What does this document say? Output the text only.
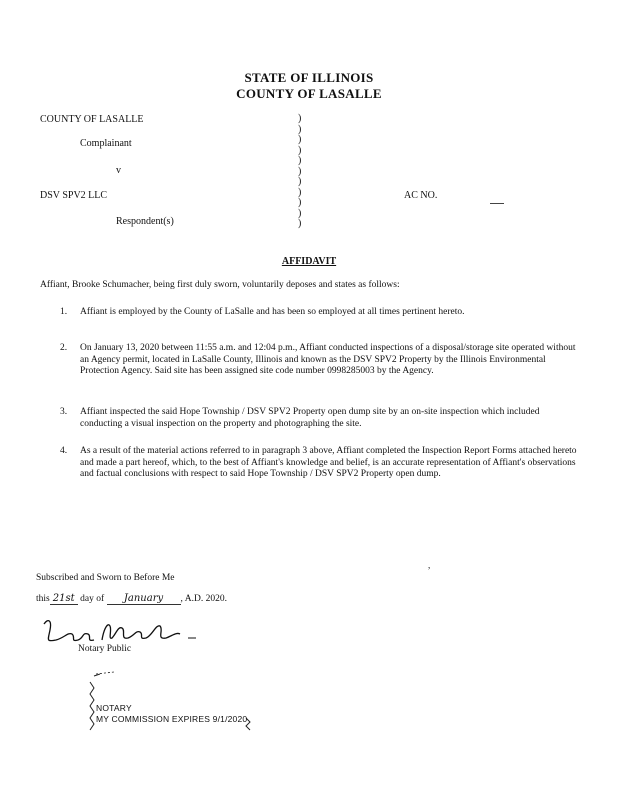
STATE OF ILLINOIS
COUNTY OF LASALLE
COUNTY OF LASALLE
Complainant
v
DSV SPV2 LLC
Respondent(s)
AC NO.
)
)
)
)
)
)
)
)
)
)
)
AFFIDAVIT
Affiant, Brooke Schumacher, being first duly sworn, voluntarily deposes and states as follows:
1. Affiant is employed by the County of LaSalle and has been so employed at all times pertinent hereto.
2. On January 13, 2020 between 11:55 a.m. and 12:04 p.m., Affiant conducted inspections of a disposal/storage site operated without an Agency permit, located in LaSalle County, Illinois and known as the DSV SPV2 Property by the Illinois Environmental Protection Agency. Said site has been assigned site code number 0998285003 by the Agency.
3. Affiant inspected the said Hope Township / DSV SPV2 Property open dump site by an on-site inspection which included conducting a visual inspection on the property and photographing the site.
4. As a result of the material actions referred to in paragraph 3 above, Affiant completed the Inspection Report Forms attached hereto and made a part hereof, which, to the best of Affiant's knowledge and belief, is an accurate representation of Affiant's observations and factual conclusions with respect to said Hope Township / DSV SPV2 Property open dump.
,
Subscribed and Sworn to Before Me
this 21st day of January , A.D. 2020.
Notary Public
NOTARY
MY COMMISSION EXPIRES 9/1/2020
